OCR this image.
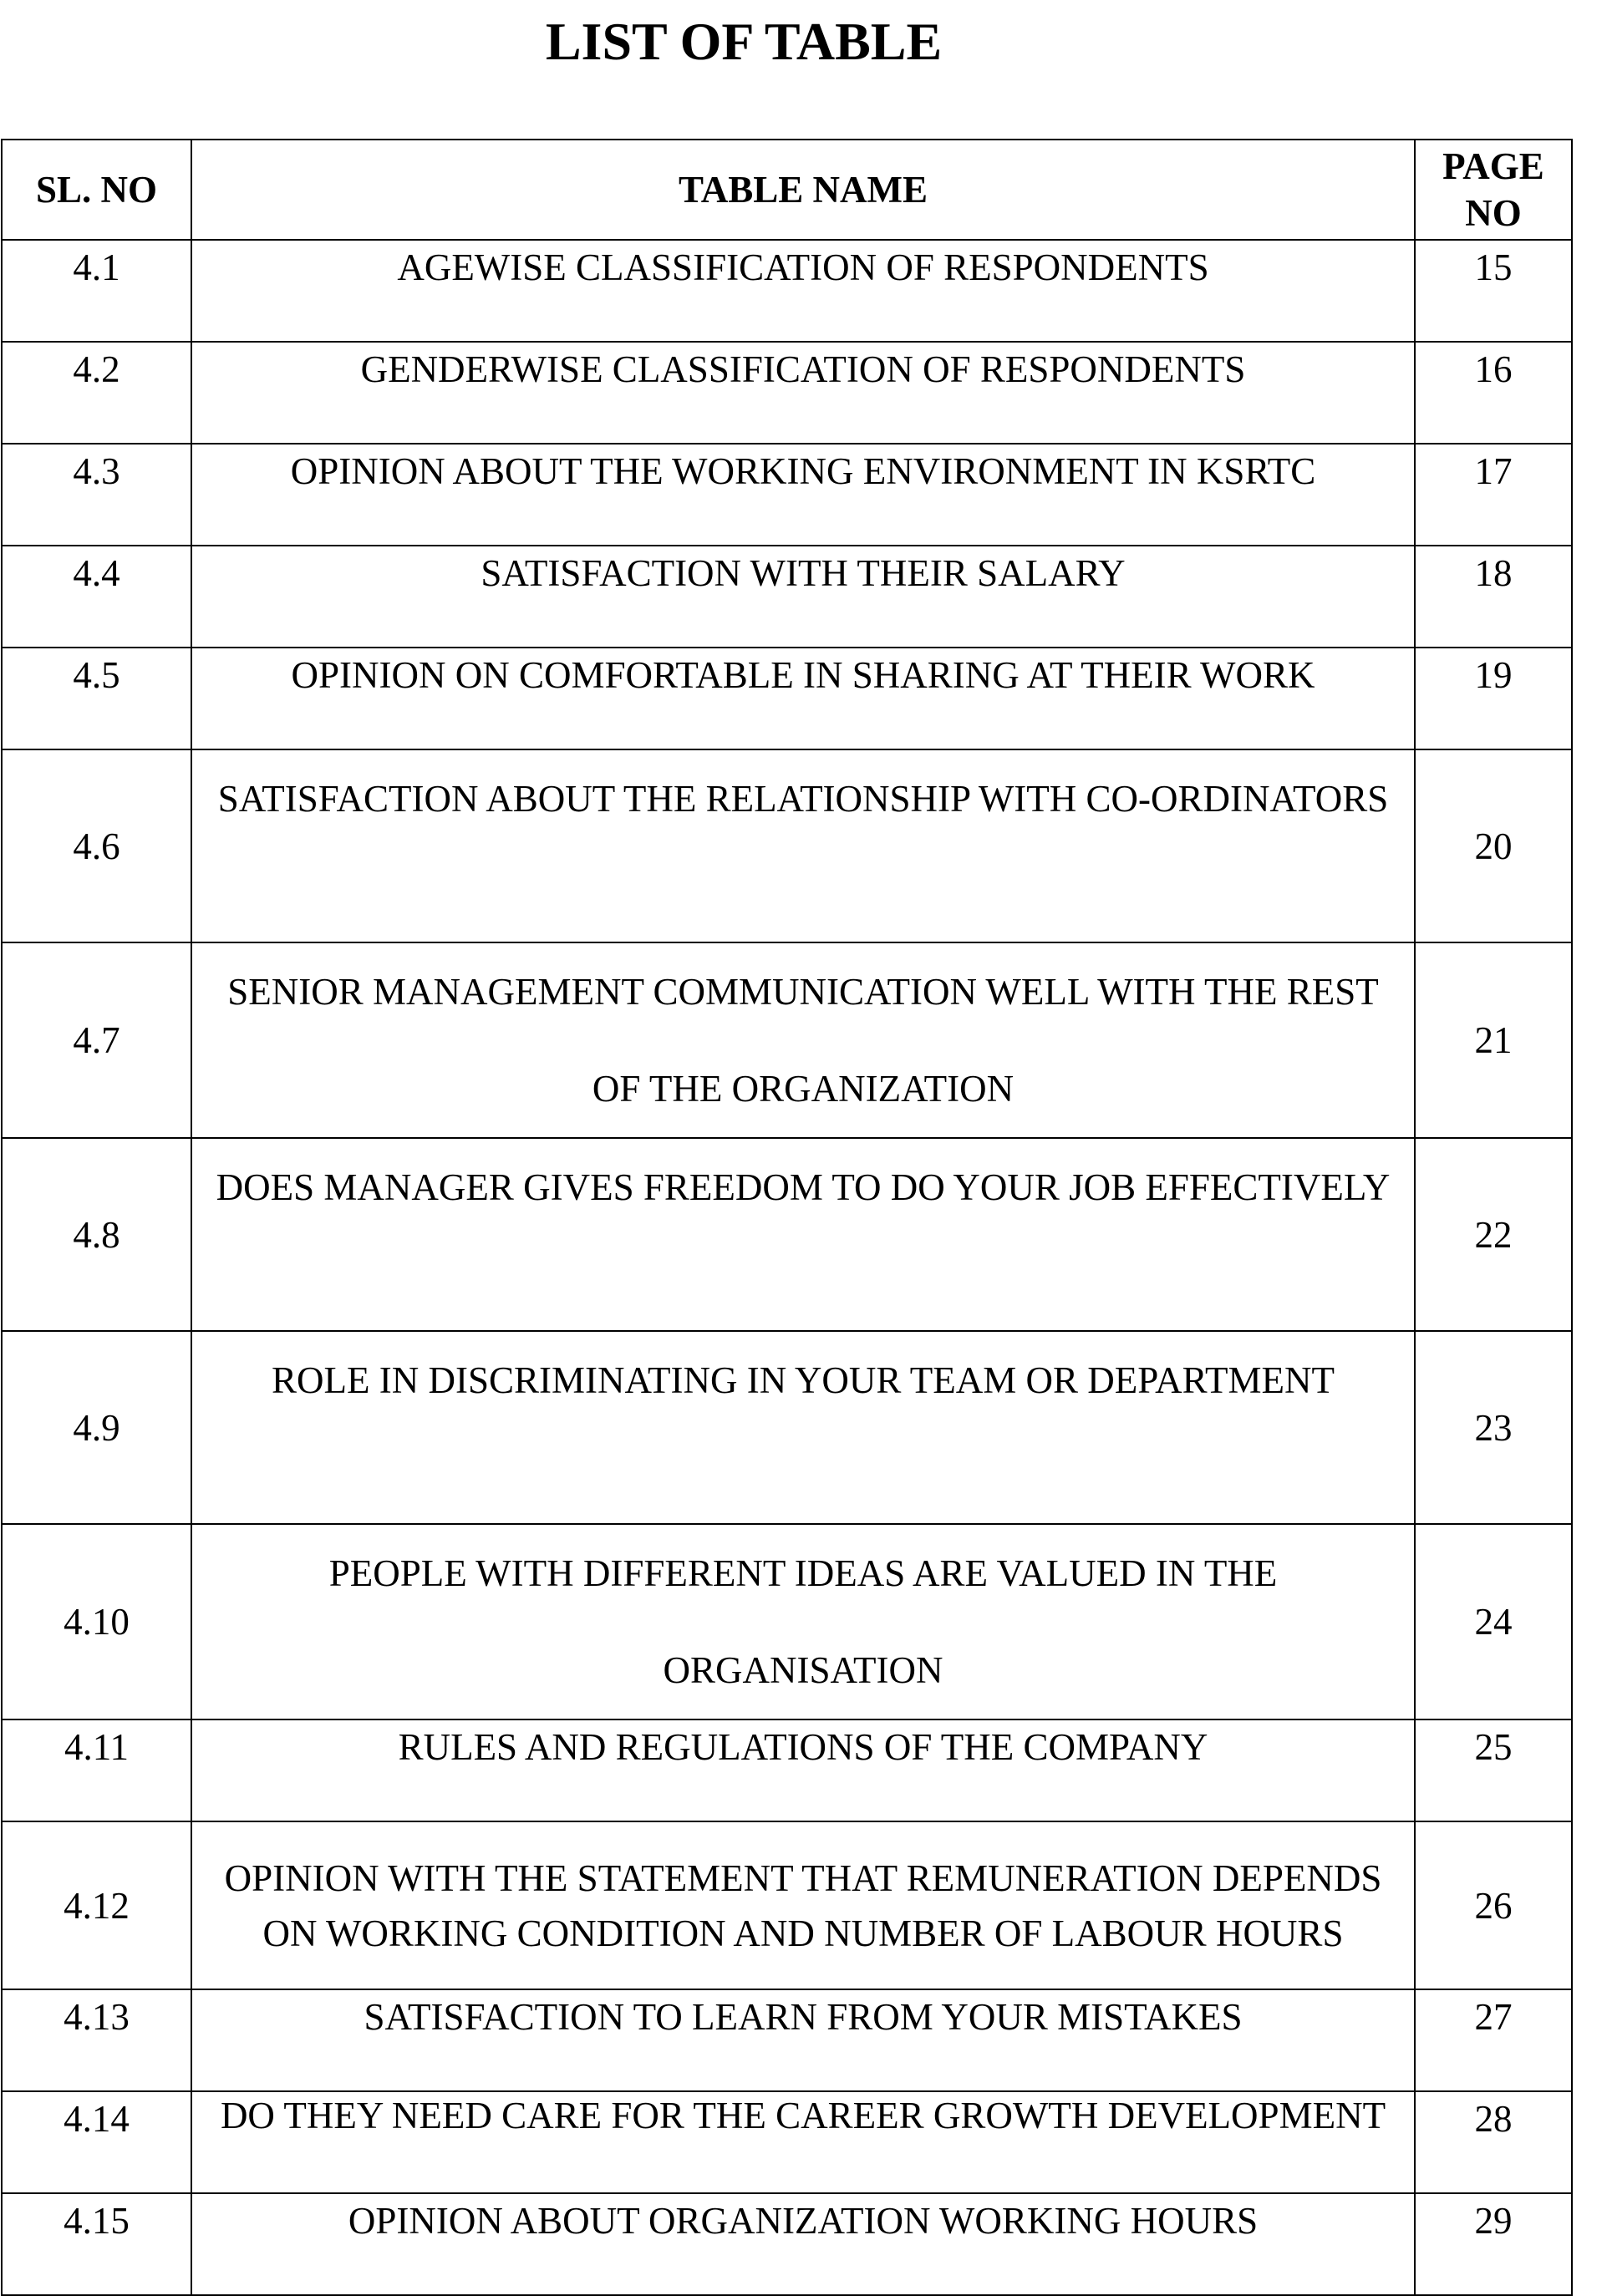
LIST OF TABLE
SL. NO	TABLE NAME	PAGE NO
4.1	AGEWISE CLASSIFICATION OF RESPONDENTS	15
4.2	GENDERWISE CLASSIFICATION OF RESPONDENTS	16
4.3	OPINION ABOUT THE WORKING ENVIRONMENT IN KSRTC	17
4.4	SATISFACTION WITH THEIR SALARY	18
4.5	OPINION ON COMFORTABLE IN SHARING AT THEIR WORK	19
4.6	SATISFACTION ABOUT THE RELATIONSHIP WITH CO-ORDINATORS	20
4.7	SENIOR MANAGEMENT COMMUNICATION WELL WITH THE REST OF THE ORGANIZATION	21
4.8	DOES MANAGER GIVES FREEDOM TO DO YOUR JOB EFFECTIVELY	22
4.9	ROLE IN DISCRIMINATING IN YOUR TEAM OR DEPARTMENT	23
4.10	PEOPLE WITH DIFFERENT IDEAS ARE VALUED IN THE ORGANISATION	24
4.11	RULES AND REGULATIONS OF THE COMPANY	25
4.12	OPINION WITH THE STATEMENT THAT REMUNERATION DEPENDS ON WORKING CONDITION AND NUMBER OF LABOUR HOURS	26
4.13	SATISFACTION TO LEARN FROM YOUR MISTAKES	27
4.14	DO THEY NEED CARE FOR THE CAREER GROWTH DEVELOPMENT	28
4.15	OPINION ABOUT ORGANIZATION WORKING HOURS	29
